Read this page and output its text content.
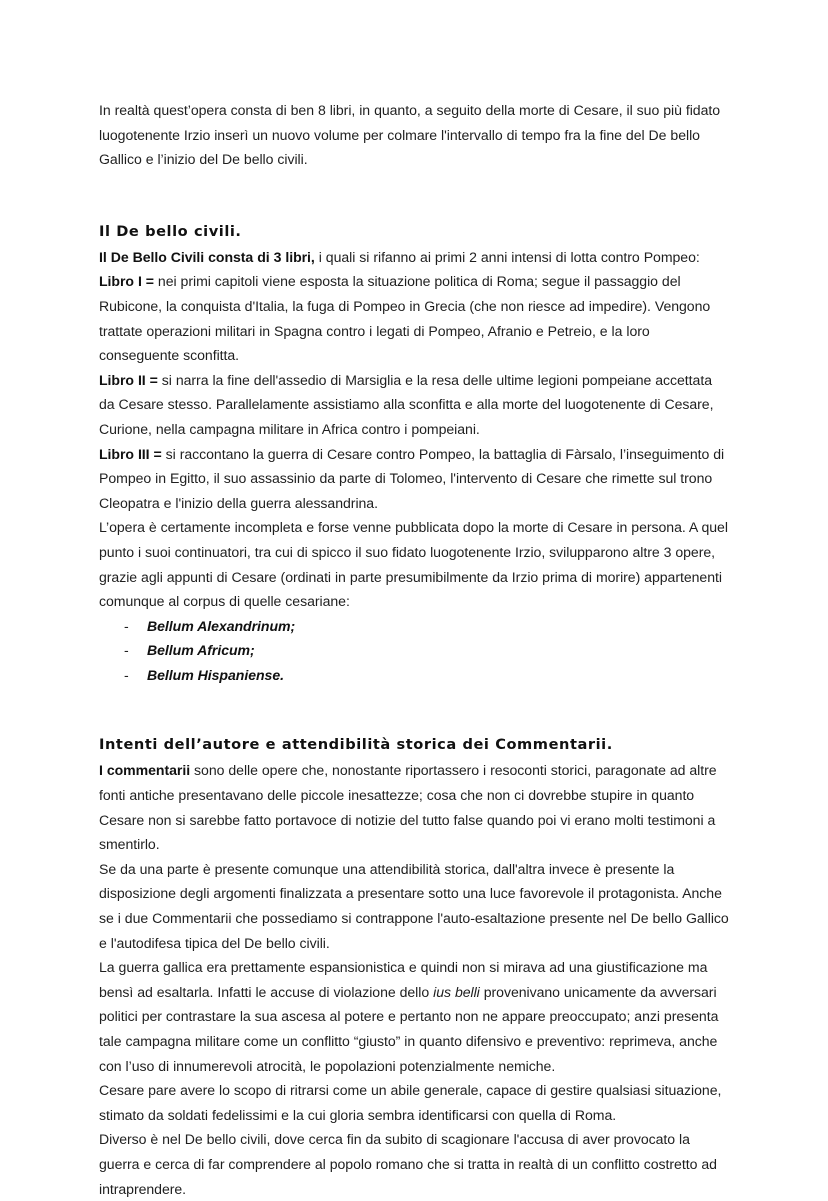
In realtà quest’opera consta di ben 8 libri, in quanto, a seguito della morte di Cesare, il suo più fidato luogotenente Irzio inserì un nuovo volume per colmare l'intervallo di tempo fra la fine del De bello Gallico e l’inizio del De bello civili.

Il De bello civili.

Il De Bello Civili consta di 3 libri, i quali si rifanno ai primi 2 anni intensi di lotta contro Pompeo:

Libro I = nei primi capitoli viene esposta la situazione politica di Roma; segue il passaggio del Rubicone, la conquista d'Italia, la fuga di Pompeo in Grecia (che non riesce ad impedire). Vengono trattate operazioni militari in Spagna contro i legati di Pompeo, Afranio e Petreio, e la loro conseguente sconfitta.

Libro II = si narra la fine dell'assedio di Marsiglia e la resa delle ultime legioni pompeiane accettata da Cesare stesso. Parallelamente assistiamo alla sconfitta e alla morte del luogotenente di Cesare, Curione, nella campagna militare in Africa contro i pompeiani.

Libro III = si raccontano la guerra di Cesare contro Pompeo, la battaglia di Fàrsalo, l’inseguimento di Pompeo in Egitto, il suo assassinio da parte di Tolomeo, l'intervento di Cesare che rimette sul trono Cleopatra e l'inizio della guerra alessandrina.

L’opera è certamente incompleta e forse venne pubblicata dopo la morte di Cesare in persona. A quel punto i suoi continuatori, tra cui di spicco il suo fidato luogotenente Irzio, svilupparono altre 3 opere, grazie agli appunti di Cesare (ordinati in parte presumibilmente da Irzio prima di morire) appartenenti comunque al corpus di quelle cesariane:

- Bellum Alexandrinum;
- Bellum Africum;
- Bellum Hispaniense.
Intenti dell’autore e attendibilità storica dei Commentarii.

I commentarii sono delle opere che, nonostante riportassero i resoconti storici, paragonate ad altre fonti antiche presentavano delle piccole inesattezze; cosa che non ci dovrebbe stupire in quanto Cesare non si sarebbe fatto portavoce di notizie del tutto false quando poi vi erano molti testimoni a smentirlo.

Se da una parte è presente comunque una attendibilità storica, dall'altra invece è presente la disposizione degli argomenti finalizzata a presentare sotto una luce favorevole il protagonista. Anche se i due Commentarii che possediamo si contrappone l'auto-esaltazione presente nel De bello Gallico e l'autodifesa tipica del De bello civili.

La guerra gallica era prettamente espansionistica e quindi non si mirava ad una giustificazione ma bensì ad esaltarla. Infatti le accuse di violazione dello ius belli provenivano unicamente da avversari politici per contrastare la sua ascesa al potere e pertanto non ne appare preoccupato; anzi presenta tale campagna militare come un conflitto “giusto” in quanto difensivo e preventivo: reprimeva, anche con l’uso di innumerevoli atrocità, le popolazioni potenzialmente nemiche.

Cesare pare avere lo scopo di ritrarsi come un abile generale, capace di gestire qualsiasi situazione, stimato da soldati fedelissimi e la cui gloria sembra identificarsi con quella di Roma.

Diverso è nel De bello civili, dove cerca fin da subito di scagionare l'accusa di aver provocato la guerra e cerca di far comprendere al popolo romano che si tratta in realtà di un conflitto costretto ad intraprendere.
